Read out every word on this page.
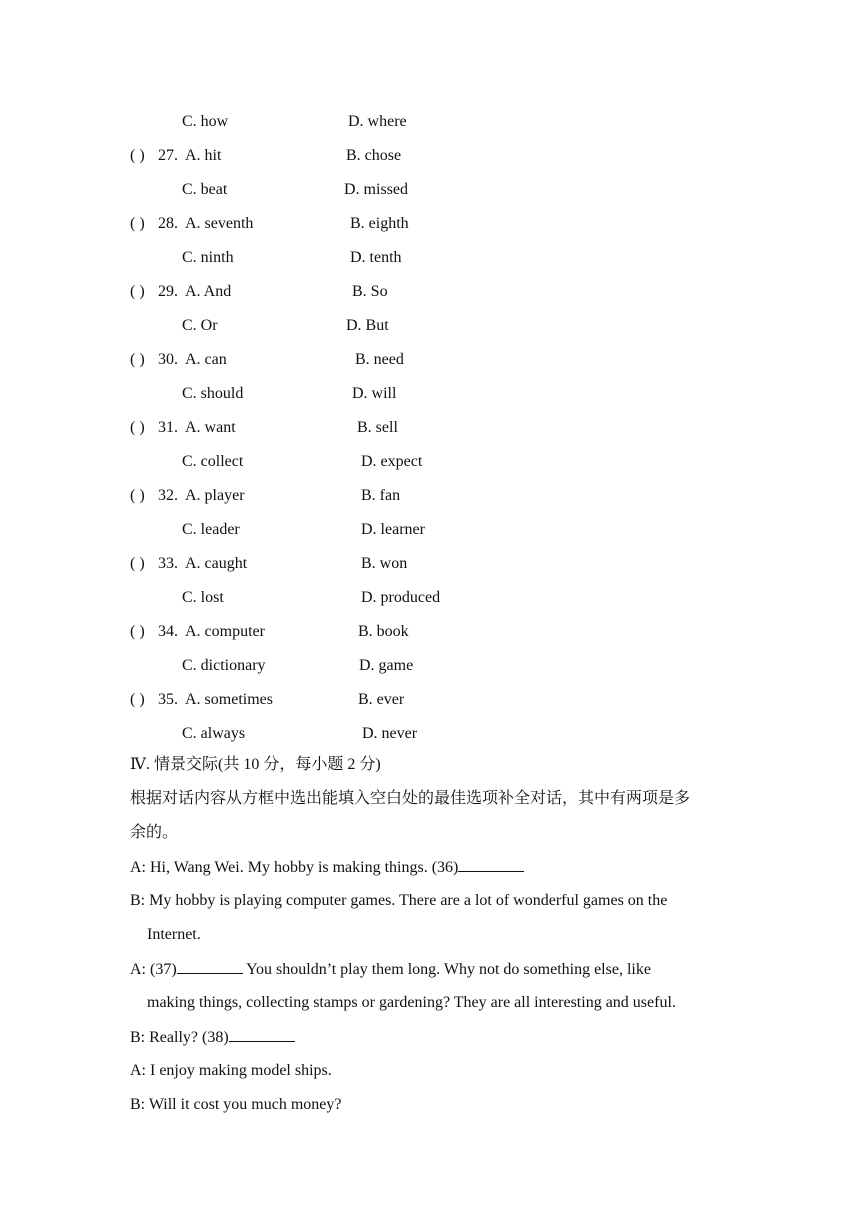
C. how	D. where
( ) 27. A. hit	B. chose
C. beat	D. missed
( ) 28. A. seventh	B. eighth
C. ninth	D. tenth
( ) 29. A. And	B. So
C. Or	D. But
( ) 30. A. can	B. need
C. should	D. will
( ) 31. A. want	B. sell
C. collect	D. expect
( ) 32. A. player	B. fan
C. leader	D. learner
( ) 33. A. caught	B. won
C. lost	D. produced
( ) 34. A. computer	B. book
C. dictionary	D. game
( ) 35. A. sometimes	B. ever
C. always	D. never
Ⅳ. 情景交际(共 10 分，每小题 2 分)
根据对话内容从方框中选出能填入空白处的最佳选项补全对话，其中有两项是多
余的。
A: Hi, Wang Wei. My hobby is making things. (36)
B: My hobby is playing computer games. There are a lot of wonderful games on the
Internet.
A: (37)	You shouldn’t play them long. Why not do something else, like
making things, collecting stamps or gardening? They are all interesting and useful.
B: Really? (38)
A: I enjoy making model ships.
B: Will it cost you much money?
